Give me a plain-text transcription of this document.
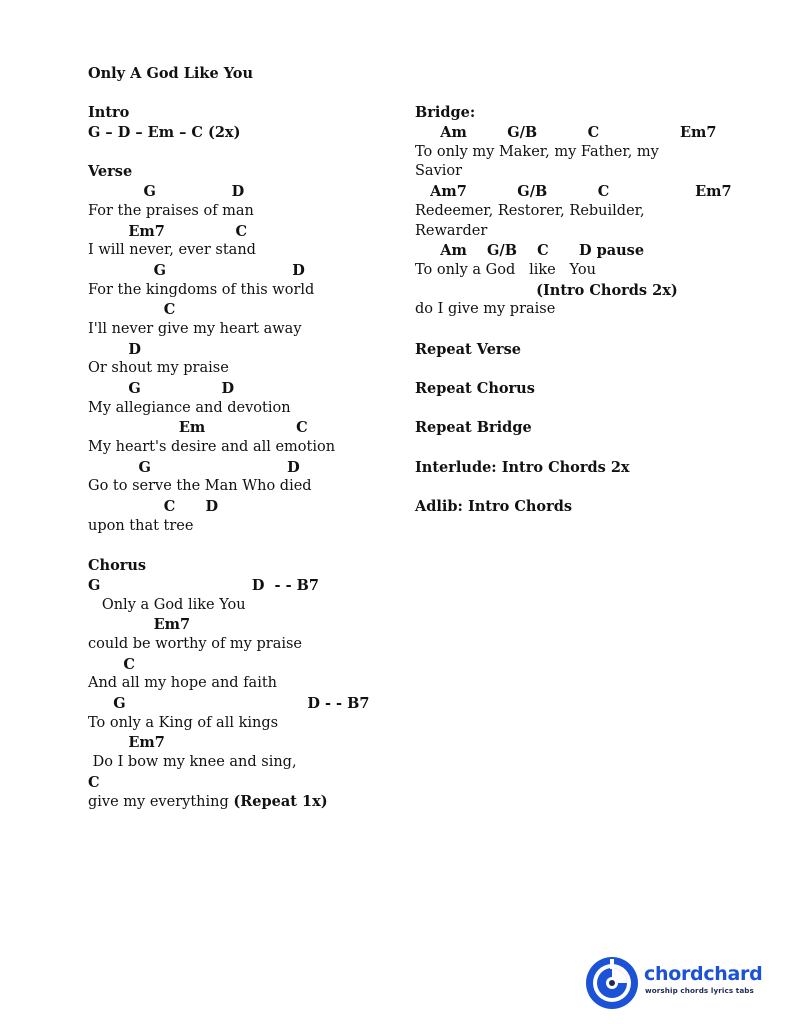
Only A God Like You
Intro
G – D – Em – C (2x)
Verse
G               D
For the praises of man
Em7              C
I will never, ever stand
G                         D
For the kingdoms of this world
C
I'll never give my heart away
D
Or shout my praise
G                D
My allegiance and devotion
Em                  C
My heart's desire and all emotion
G                           D
Go to serve the Man Who died
C      D
upon that tree
Chorus
G                              D  - - B7
Only a God like You
Em7
could be worthy of my praise
C
And all my hope and faith
G                                    D - - B7
To only a King of all kings
Em7
Do I bow my knee and sing,
C
give my everything (Repeat 1x)
Bridge:
Am        G/B          C                Em7
To only my Maker, my Father, my
Savior
Am7          G/B          C                 Em7
Redeemer, Restorer, Rebuilder,
Rewarder
Am    G/B    C      D pause
To only a God   like   You
(Intro Chords 2x)
do I give my praise
Repeat Verse
Repeat Chorus
Repeat Bridge
Interlude: Intro Chords 2x
Adlib: Intro Chords
chordchard
worship chords lyrics tabs
